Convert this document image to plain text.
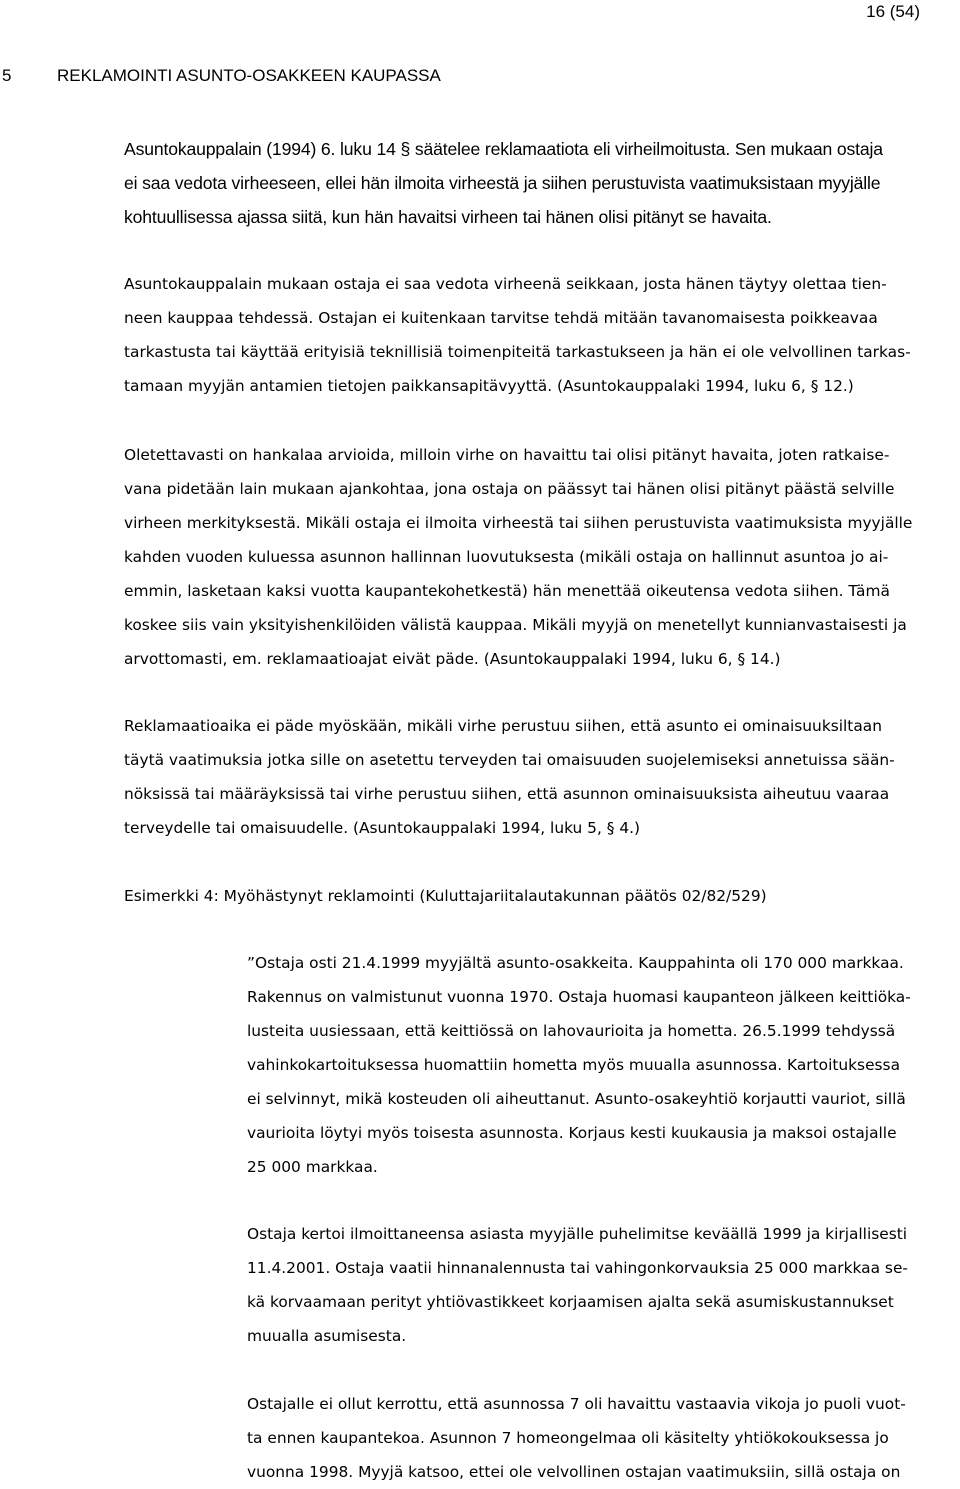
16 (54)
5	REKLAMOINTI ASUNTO-OSAKKEEN KAUPASSA
Asuntokauppalain (1994) 6. luku 14 § säätelee reklamaatiota eli virheilmoitusta. Sen mukaan ostaja
ei saa vedota virheeseen, ellei hän ilmoita virheestä ja siihen perustuvista vaatimuksistaan myyjälle
kohtuullisessa ajassa siitä, kun hän havaitsi virheen tai hänen olisi pitänyt se havaita.
Asuntokauppalain mukaan ostaja ei saa vedota virheenä seikkaan, josta hänen täytyy olettaa tien-
neen kauppaa tehdessä. Ostajan ei kuitenkaan tarvitse tehdä mitään tavanomaisesta poikkeavaa
tarkastusta tai käyttää erityisiä teknillisiä toimenpiteitä tarkastukseen ja hän ei ole velvollinen tarkas-
tamaan myyjän antamien tietojen paikkansapitävyyttä. (Asuntokauppalaki 1994, luku 6, § 12.)
Oletettavasti on hankalaa arvioida, milloin virhe on havaittu tai olisi pitänyt havaita, joten ratkaise-
vana pidetään lain mukaan ajankohtaa, jona ostaja on päässyt tai hänen olisi pitänyt päästä selville
virheen merkityksestä. Mikäli ostaja ei ilmoita virheestä tai siihen perustuvista vaatimuksista myyjälle
kahden vuoden kuluessa asunnon hallinnan luovutuksesta (mikäli ostaja on hallinnut asuntoa jo ai-
emmin, lasketaan kaksi vuotta kaupantekohetkestä) hän menettää oikeutensa vedota siihen. Tämä
koskee siis vain yksityishenkilöiden välistä kauppaa. Mikäli myyjä on menetellyt kunnianvastaisesti ja
arvottomasti, em. reklamaatioajat eivät päde. (Asuntokauppalaki 1994, luku 6, § 14.)
Reklamaatioaika ei päde myöskään, mikäli virhe perustuu siihen, että asunto ei ominaisuuksiltaan
täytä vaatimuksia jotka sille on asetettu terveyden tai omaisuuden suojelemiseksi annetuissa sään-
nöksissä tai määräyksissä tai virhe perustuu siihen, että asunnon ominaisuuksista aiheutuu vaaraa
terveydelle tai omaisuudelle. (Asuntokauppalaki 1994, luku 5, § 4.)
Esimerkki 4: Myöhästynyt reklamointi (Kuluttajariitalautakunnan päätös 02/82/529)
”Ostaja osti 21.4.1999 myyjältä asunto-osakkeita. Kauppahinta oli 170 000 markkaa.
Rakennus on valmistunut vuonna 1970. Ostaja huomasi kaupanteon jälkeen keittiöka-
lusteita uusiessaan, että keittiössä on lahovaurioita ja hometta. 26.5.1999 tehdyssä
vahinkokartoituksessa huomattiin hometta myös muualla asunnossa. Kartoituksessa
ei selvinnyt, mikä kosteuden oli aiheuttanut. Asunto-osakeyhtiö korjautti vauriot, sillä
vaurioita löytyi myös toisesta asunnosta. Korjaus kesti kuukausia ja maksoi ostajalle
25 000 markkaa.
Ostaja kertoi ilmoittaneensa asiasta myyjälle puhelimitse keväällä 1999 ja kirjallisesti
11.4.2001. Ostaja vaatii hinnanalennusta tai vahingonkorvauksia 25 000 markkaa se-
kä korvaamaan perityt yhtiövastikkeet korjaamisen ajalta sekä asumiskustannukset
muualla asumisesta.
Ostajalle ei ollut kerrottu, että asunnossa 7 oli havaittu vastaavia vikoja jo puoli vuot-
ta ennen kaupantekoa. Asunnon 7 homeongelmaa oli käsitelty yhtiökokouksessa jo
vuonna 1998. Myyjä katsoo, ettei ole velvollinen ostajan vaatimuksiin, sillä ostaja on
